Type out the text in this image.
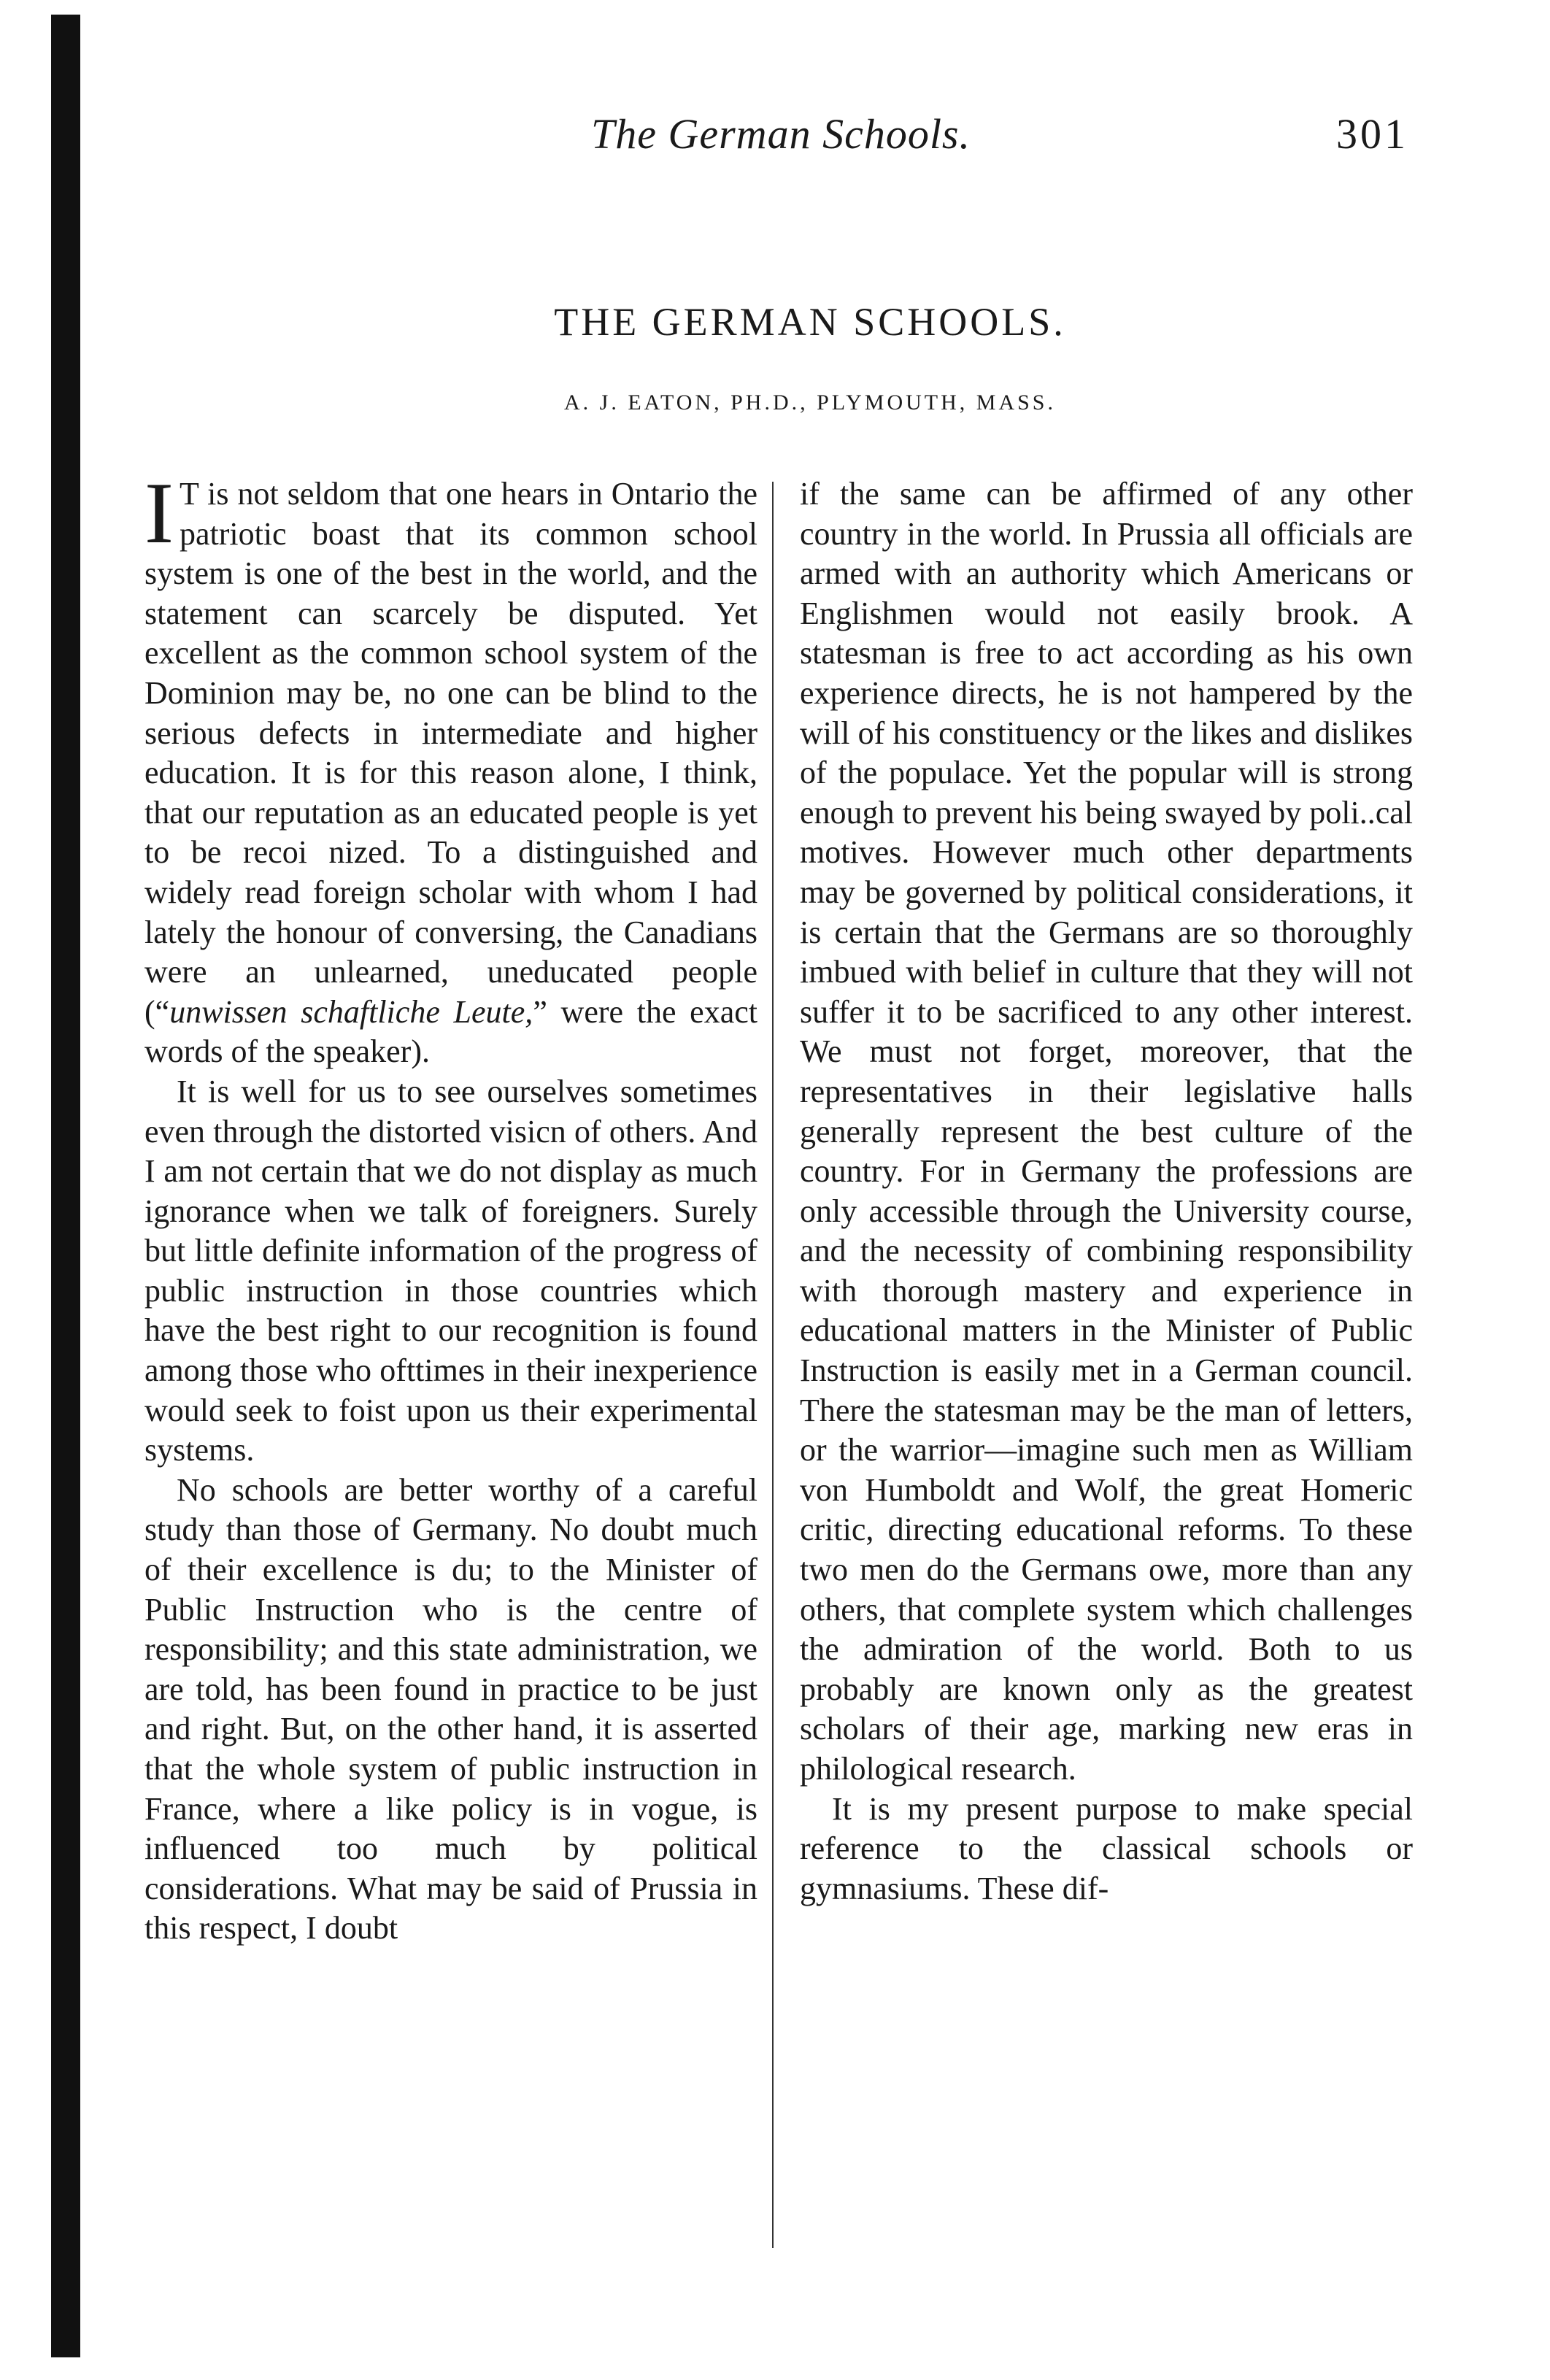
The German Schools.	301
THE GERMAN SCHOOLS.
A. J. EATON, PH.D., PLYMOUTH, MASS.

I T is not seldom that one hears in Ontario the patriotic boast that its common school system is one of the best in the world, and the statement can scarcely be disputed. Yet excellent as the common school system of the Dominion may be, no one can be blind to the serious defects in intermediate and higher education. It is for this reason alone, I think, that our reputation as an educated people is yet to be recoi nized. To a distinguished and widely read foreign scholar with whom I had lately the honour of conversing, the Canadians were an unlearned, uneducated people (“unwissen schaftliche Leute,” were the exact words of the speaker).

It is well for us to see ourselves sometimes even through the distorted visicn of others. And I am not certain that we do not display as much ignorance when we talk of foreigners. Surely but little definite information of the progress of public instruction in those countries which have the best right to our recognition is found among those who ofttimes in their inexperience would seek to foist upon us their experimental systems.

No schools are better worthy of a careful study than those of Germany. No doubt much of their excellence is du; to the Minister of Public Instruction who is the centre of responsibility; and this state administration, we are told, has been found in practice to be just and right. But, on the other hand, it is asserted that the whole system of public instruction in France, where a like policy is in vogue, is influenced too much by political considerations. What may be said of Prussia in this respect, I doubt

if the same can be affirmed of any other country in the world. In Prussia all officials are armed with an authority which Americans or Englishmen would not easily brook. A statesman is free to act according as his own experience directs, he is not hampered by the will of his constituency or the likes and dislikes of the populace. Yet the popular will is strong enough to prevent his being swayed by poli..cal motives. However much other departments may be governed by political considerations, it is certain that the Germans are so thoroughly imbued with belief in culture that they will not suffer it to be sacrificed to any other interest. We must not forget, moreover, that the representatives in their legislative halls generally represent the best culture of the country. For in Germany the professions are only accessible through the University course, and the necessity of combining responsibility with thorough mastery and experience in educational matters in the Minister of Public Instruction is easily met in a German council. There the statesman may be the man of letters, or the warrior—imagine such men as William von Humboldt and Wolf, the great Homeric critic, directing educational reforms. To these two men do the Germans owe, more than any others, that complete system which challenges the admiration of the world. Both to us probably are known only as the greatest scholars of their age, marking new eras in philological research.

It is my present purpose to make special reference to the classical schools or gymnasiums. These dif-
